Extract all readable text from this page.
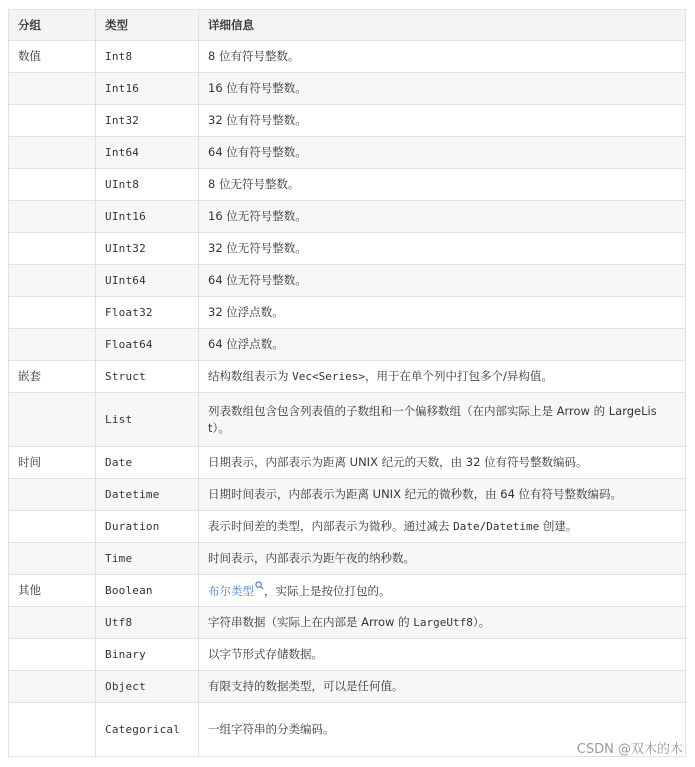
分组	类型	详细信息
数值	Int8	8 位有符号整数。
	Int16	16 位有符号整数。
	Int32	32 位有符号整数。
	Int64	64 位有符号整数。
	UInt8	8 位无符号整数。
	UInt16	16 位无符号整数。
	UInt32	32 位无符号整数。
	UInt64	64 位无符号整数。
	Float32	32 位浮点数。
	Float64	64 位浮点数。
嵌套	Struct	结构数组表示为 Vec<Series>，用于在单个列中打包多个/异构值。
	List	列表数组包含包含列表值的子数组和一个偏移数组（在内部实际上是 Arrow 的 LargeList）。
时间	Date	日期表示，内部表示为距离 UNIX 纪元的天数，由 32 位有符号整数编码。
	Datetime	日期时间表示，内部表示为距离 UNIX 纪元的微秒数，由 64 位有符号整数编码。
	Duration	表示时间差的类型，内部表示为微秒。通过减去 Date/Datetime 创建。
	Time	时间表示，内部表示为距午夜的纳秒数。
其他	Boolean	布尔类型 ，实际上是按位打包的。
	Utf8	字符串数据（实际上在内部是 Arrow 的 LargeUtf8）。
	Binary	以字节形式存储数据。
	Object	有限支持的数据类型，可以是任何值。
	Categorical	一组字符串的分类编码。
CSDN @双木的木
